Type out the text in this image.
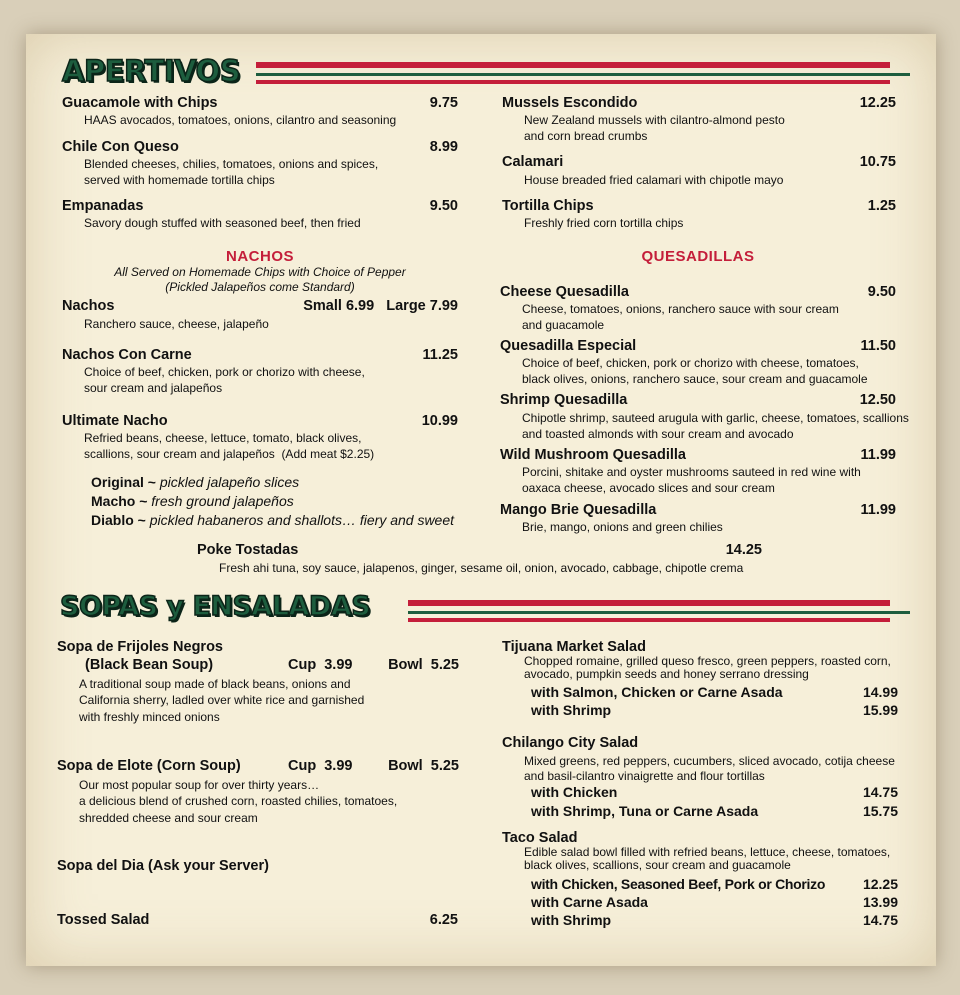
APERTIVOS
Guacamole with Chips	9.75
HAAS avocados, tomatoes, onions, cilantro and seasoning
Chile Con Queso	8.99
Blended cheeses, chilies, tomatoes, onions and spices,
served with homemade tortilla chips
Empanadas	9.50
Savory dough stuffed with seasoned beef, then fried
Mussels Escondido	12.25
New Zealand mussels with cilantro-almond pesto
and corn bread crumbs
Calamari	10.75
House breaded fried calamari with chipotle mayo
Tortilla Chips	1.25
Freshly fried corn tortilla chips
NACHOS
All Served on Homemade Chips with Choice of Pepper
(Pickled Jalapeños come Standard)
Nachos	Small 6.99   Large 7.99
Ranchero sauce, cheese, jalapeño
Nachos Con Carne	11.25
Choice of beef, chicken, pork or chorizo with cheese,
sour cream and jalapeños
Ultimate Nacho	10.99
Refried beans, cheese, lettuce, tomato, black olives,
scallions, sour cream and jalapeños  (Add meat $2.25)
Original ~ pickled jalapeño slices
Macho ~ fresh ground jalapeños
Diablo ~ pickled habaneros and shallots… fiery and sweet
QUESADILLAS
Cheese Quesadilla	9.50
Cheese, tomatoes, onions, ranchero sauce with sour cream
and guacamole
Quesadilla Especial	11.50
Choice of beef, chicken, pork or chorizo with cheese, tomatoes,
black olives, onions, ranchero sauce, sour cream and guacamole
Shrimp Quesadilla	12.50
Chipotle shrimp, sauteed arugula with garlic, cheese, tomatoes, scallions
and toasted almonds with sour cream and avocado
Wild Mushroom Quesadilla	11.99
Porcini, shitake and oyster mushrooms sauteed in red wine with
oaxaca cheese, avocado slices and sour cream
Mango Brie Quesadilla	11.99
Brie, mango, onions and green chilies
Poke Tostadas	14.25
Fresh ahi tuna, soy sauce, jalapenos, ginger, sesame oil, onion, avocado, cabbage, chipotle crema
SOPAS y ENSALADAS
Sopa de Frijoles Negros
(Black Bean Soup)	Cup  3.99	Bowl  5.25
A traditional soup made of black beans, onions and
California sherry, ladled over white rice and garnished
with freshly minced onions
Sopa de Elote (Corn Soup)	Cup  3.99	Bowl  5.25
Our most popular soup for over thirty years…
a delicious blend of crushed corn, roasted chilies, tomatoes,
shredded cheese and sour cream
Sopa del Dia (Ask your Server)
Tossed Salad	6.25
Tijuana Market Salad
Chopped romaine, grilled queso fresco, green peppers, roasted corn,
avocado, pumpkin seeds and honey serrano dressing
with Salmon, Chicken or Carne Asada	14.99
with Shrimp	15.99
Chilango City Salad
Mixed greens, red peppers, cucumbers, sliced avocado, cotija cheese
and basil-cilantro vinaigrette and flour tortillas
with Chicken	14.75
with Shrimp, Tuna or Carne Asada	15.75
Taco Salad
Edible salad bowl filled with refried beans, lettuce, cheese, tomatoes,
black olives, scallions, sour cream and guacamole
with Chicken, Seasoned Beef, Pork or Chorizo	12.25
with Carne Asada	13.99
with Shrimp	14.75
